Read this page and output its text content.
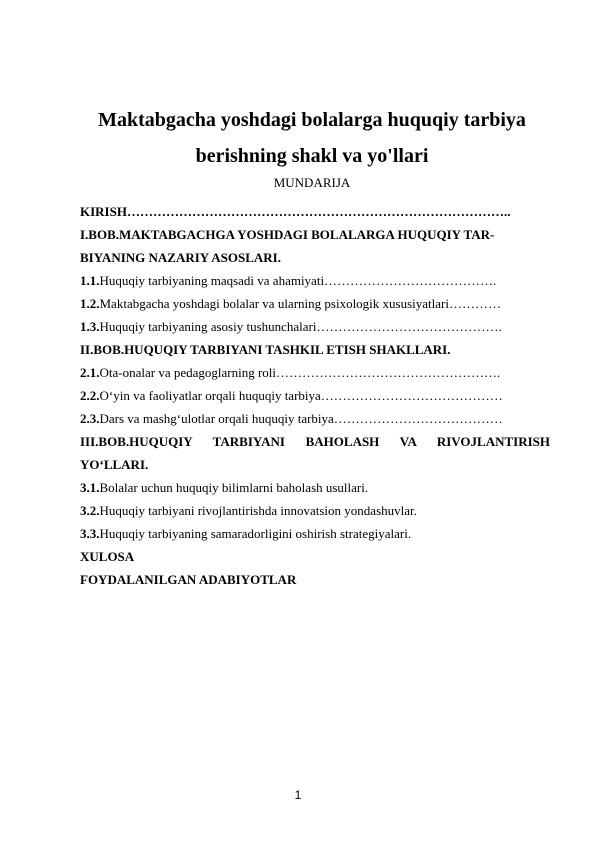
Maktabgacha yoshdagi bolalarga huquqiy tarbiya
berishning shakl va yo'llari
MUNDARIJA
KIRISH……………………………………………………………………………..
I.BOB.MAKTABGACHGA YOSHDAGI BOLALARGA HUQUQIY TAR-
BIYANING NAZARIY ASOSLARI.
1.1.Huquqiy tarbiyaning maqsadi va ahamiyati………………………………….
1.2.Maktabgacha yoshdagi bolalar va ularning psixologik xususiyatlari…………
1.3.Huquqiy tarbiyaning asosiy tushunchalari…………………………………….
II.BOB.HUQUQIY TARBIYANI TASHKIL ETISH SHAKLLARI.
2.1.Ota-onalar va pedagoglarning roli…………………………………………….
2.2.O‘yin va faoliyatlar orqali huquqiy tarbiya……………………………………
2.3.Dars va mashg‘ulotlar orqali huquqiy tarbiya…………………………………
III.BOB.HUQUQIY TARBIYANI BAHOLASH VA RIVOJLANTIRISH
YO‘LLARI.
3.1.Bolalar uchun huquqiy bilimlarni baholash usullari.
3.2.Huquqiy tarbiyani rivojlantirishda innovatsion yondashuvlar.
3.3.Huquqiy tarbiyaning samaradorligini oshirish strategiyalari.
XULOSA
FOYDALANILGAN ADABIYOTLAR
1
